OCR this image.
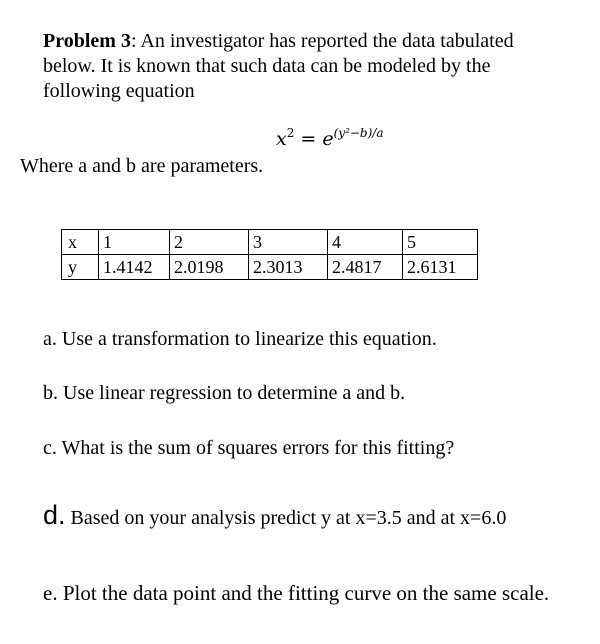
Problem 3: An investigator has reported the data tabulated below. It is known that such data can be modeled by the following equation
$x^2 = e^{(y^2-b)/a}$
Where a and b are parameters.
x	1	2	3	4	5
y	1.4142	2.0198	2.3013	2.4817	2.6131
a. Use a transformation to linearize this equation.
b. Use linear regression to determine a and b.
c. What is the sum of squares errors for this fitting?
d. Based on your analysis predict y at x=3.5 and at x=6.0
e. Plot the data point and the fitting curve on the same scale.
